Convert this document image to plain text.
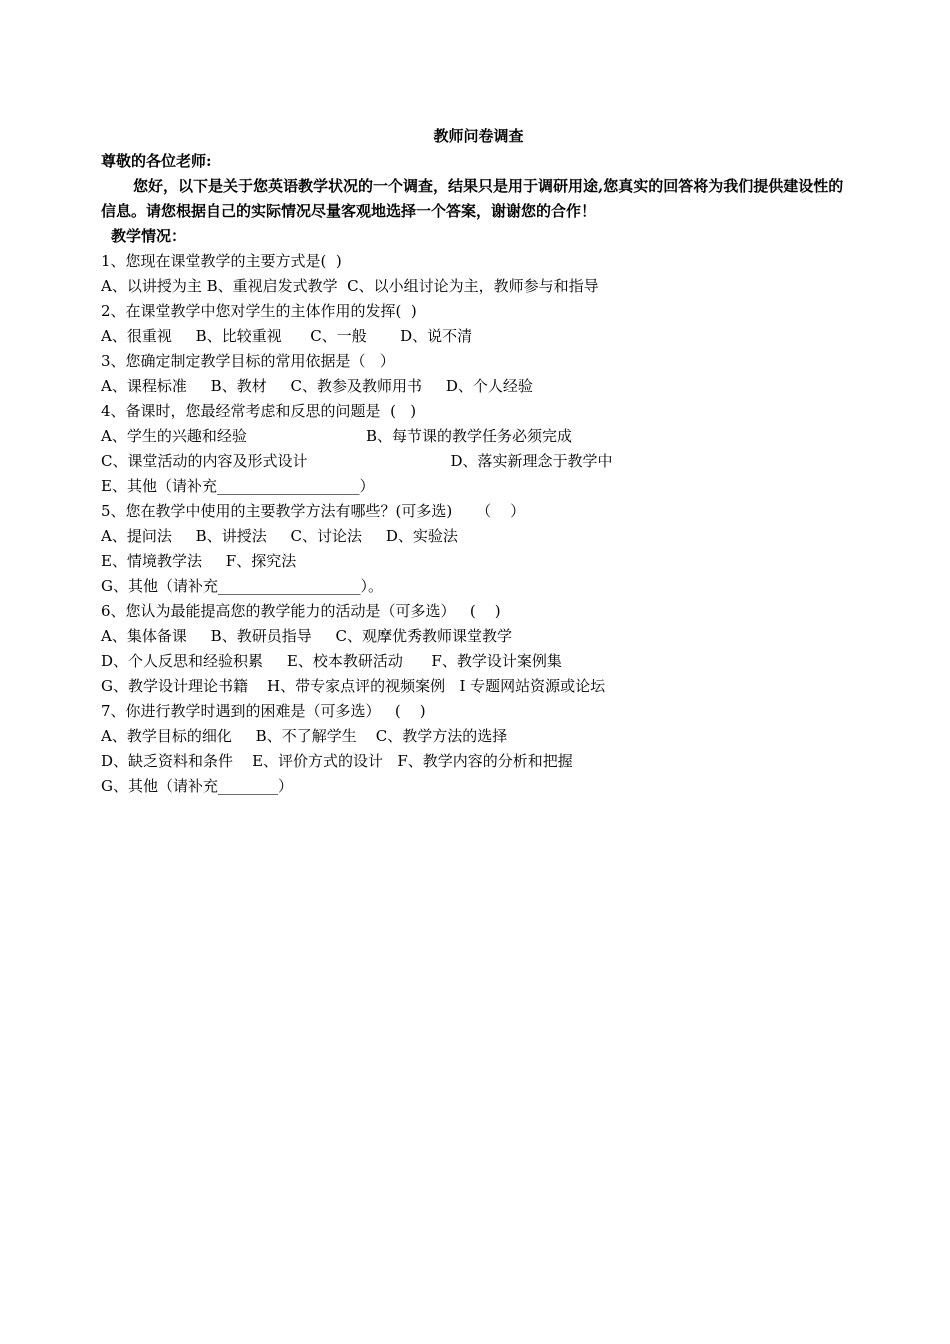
教师问卷调查
尊敬的各位老师:
您好，以下是关于您英语教学状况的一个调查，结果只是用于调研用途,您真实的回答将为我们提供建设性的信息。请您根据自己的实际情况尽量客观地选择一个答案，谢谢您的合作！
教学情况：
1、您现在课堂教学的主要方式是(  )
A、以讲授为主 B、重视启发式教学  C、以小组讨论为主，教师参与和指导
2、在课堂教学中您对学生的主体作用的发挥(  )
A、很重视     B、比较重视      C、一般       D、说不清
3、您确定制定教学目标的常用依据是（   ）
A、课程标准     B、教材     C、教参及教师用书     D、个人经验
4、备课时，您最经常考虑和反思的问题是  (   )
A、学生的兴趣和经验                         B、每节课的教学任务必须完成
C、课堂活动的内容及形式设计                              D、落实新理念于教学中
E、其他（请补充___________________）
5、您在教学中使用的主要教学方法有哪些？(可多选)     （    ）
A、提问法     B、讲授法     C、讨论法     D、实验法
E、情境教学法     F、探究法
G、其他（请补充___________________）。
6、您认为最能提高您的教学能力的活动是（可多选）   (    )
A、集体备课     B、教研员指导     C、观摩优秀教师课堂教学
D、个人反思和经验积累     E、校本教研活动      F、教学设计案例集
G、教学设计理论书籍    H、带专家点评的视频案例   I 专题网站资源或论坛
7、你进行教学时遇到的困难是（可多选）   (    )
A、教学目标的细化     B、不了解学生    C、教学方法的选择
D、缺乏资料和条件    E、评价方式的设计   F、教学内容的分析和把握
G、其他（请补充________）
